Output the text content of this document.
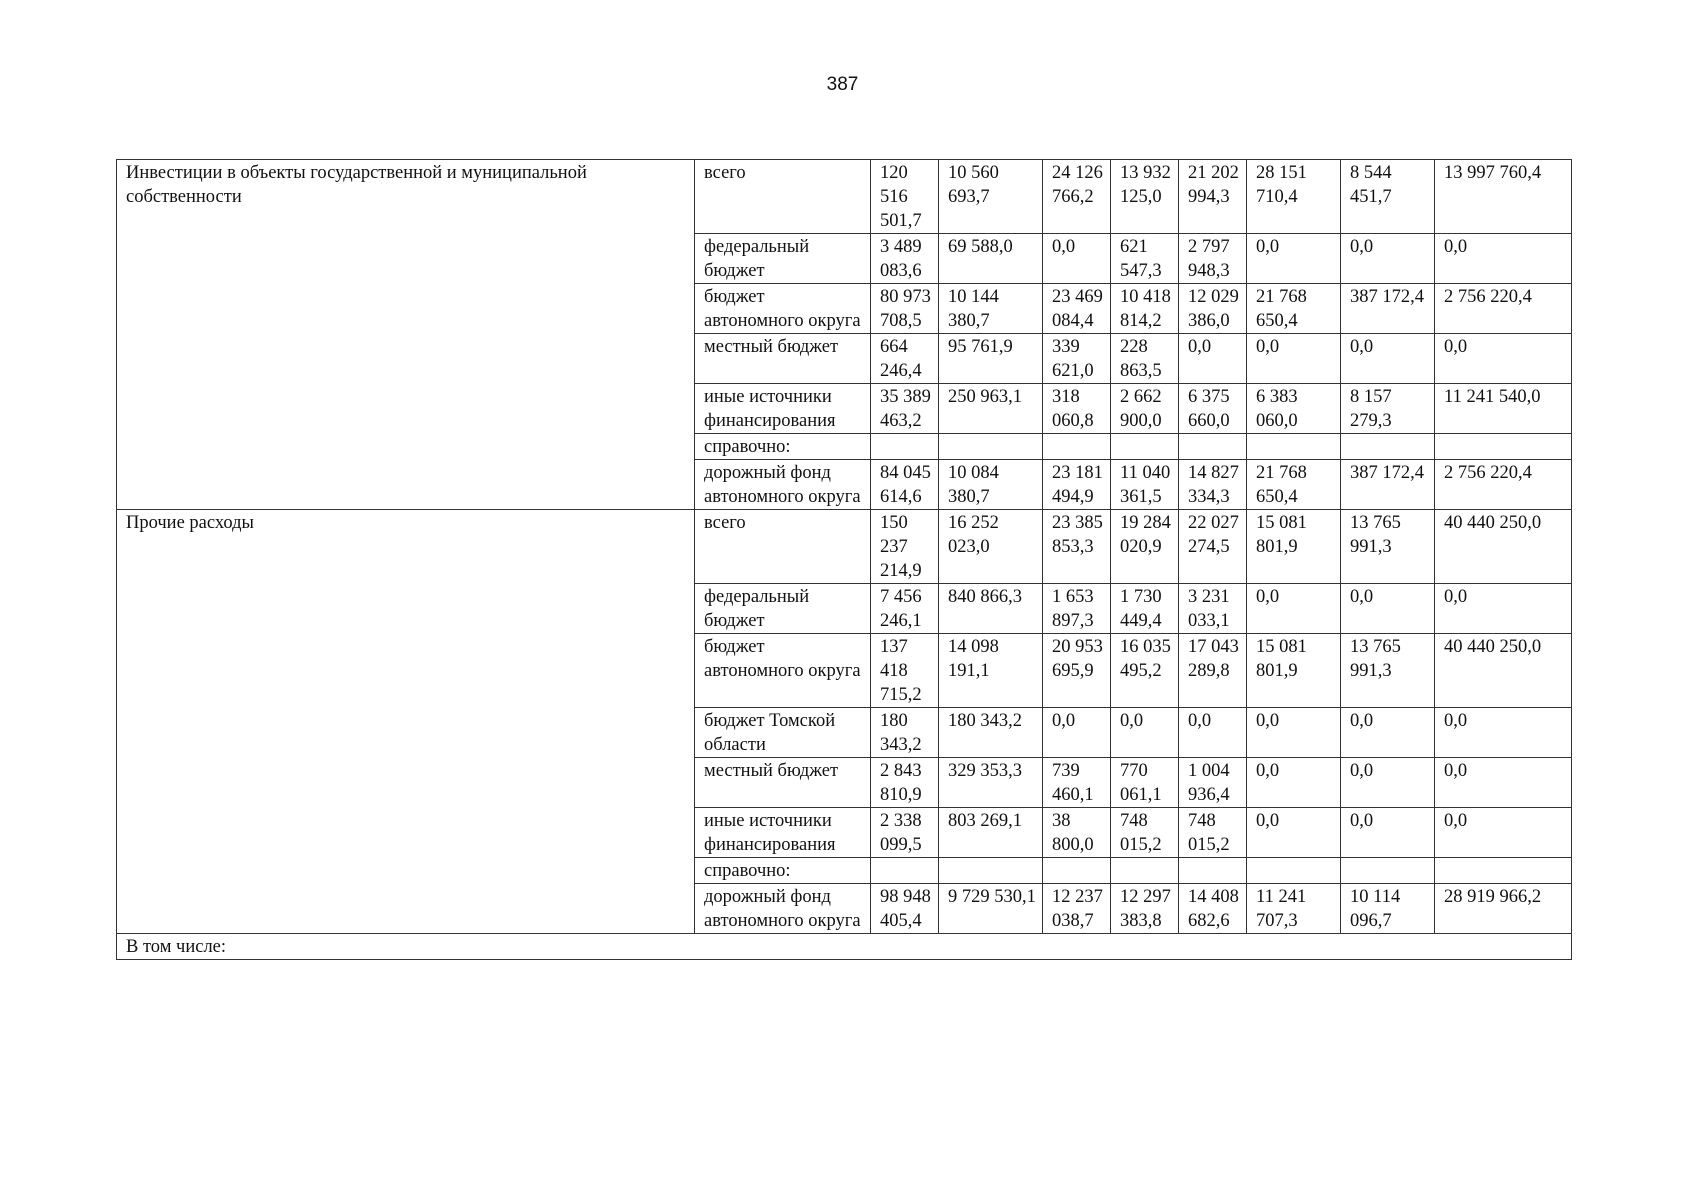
387
Инвестиции в объекты государственной и муниципальной собственности	всего	120 516 501,7	10 560 693,7	24 126 766,2	13 932 125,0	21 202 994,3	28 151 710,4	8 544 451,7	13 997 760,4
	федеральный бюджет	3 489 083,6	69 588,0	0,0	621 547,3	2 797 948,3	0,0	0,0	0,0
	бюджет автономного округа	80 973 708,5	10 144 380,7	23 469 084,4	10 418 814,2	12 029 386,0	21 768 650,4	387 172,4	2 756 220,4
	местный бюджет	664 246,4	95 761,9	339 621,0	228 863,5	0,0	0,0	0,0	0,0
	иные источники финансирования	35 389 463,2	250 963,1	318 060,8	2 662 900,0	6 375 660,0	6 383 060,0	8 157 279,3	11 241 540,0
	справочно:								
	дорожный фонд автономного округа	84 045 614,6	10 084 380,7	23 181 494,9	11 040 361,5	14 827 334,3	21 768 650,4	387 172,4	2 756 220,4
Прочие расходы	всего	150 237 214,9	16 252 023,0	23 385 853,3	19 284 020,9	22 027 274,5	15 081 801,9	13 765 991,3	40 440 250,0
	федеральный бюджет	7 456 246,1	840 866,3	1 653 897,3	1 730 449,4	3 231 033,1	0,0	0,0	0,0
	бюджет автономного округа	137 418 715,2	14 098 191,1	20 953 695,9	16 035 495,2	17 043 289,8	15 081 801,9	13 765 991,3	40 440 250,0
	бюджет Томской области	180 343,2	180 343,2	0,0	0,0	0,0	0,0	0,0	0,0
	местный бюджет	2 843 810,9	329 353,3	739 460,1	770 061,1	1 004 936,4	0,0	0,0	0,0
	иные источники финансирования	2 338 099,5	803 269,1	38 800,0	748 015,2	748 015,2	0,0	0,0	0,0
	справочно:								
	дорожный фонд автономного округа	98 948 405,4	9 729 530,1	12 237 038,7	12 297 383,8	14 408 682,6	11 241 707,3	10 114 096,7	28 919 966,2
В том числе:									
